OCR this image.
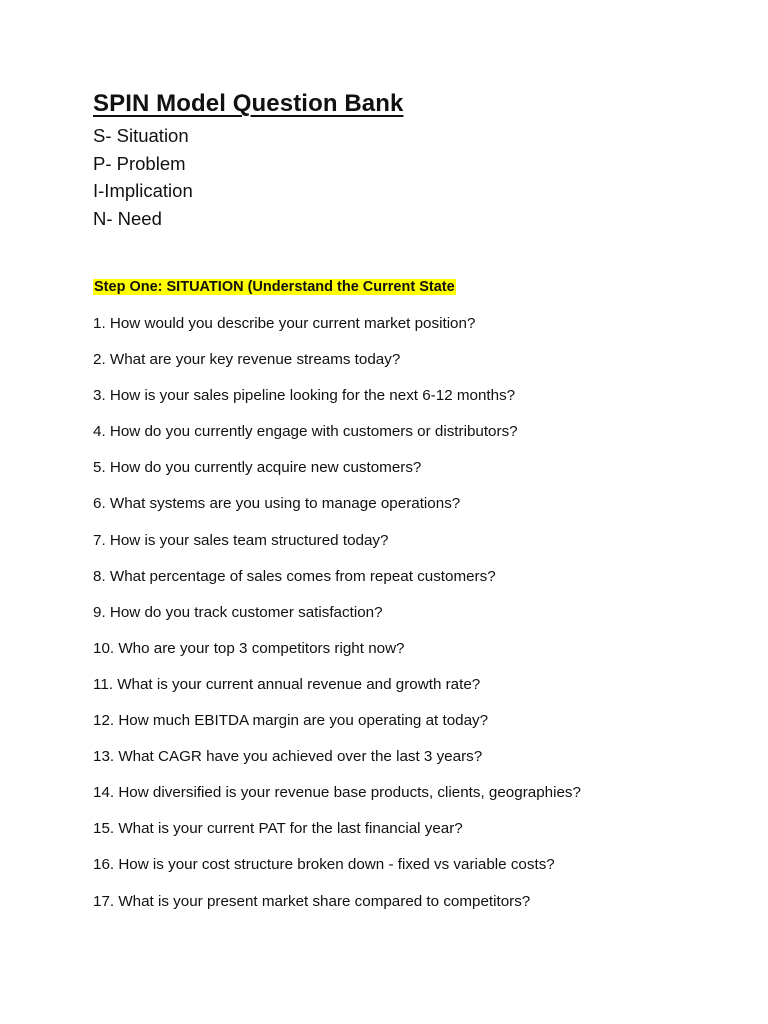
SPIN Model Question Bank
S- Situation
P- Problem
I-Implication
N- Need

Step One: SITUATION (Understand the Current State

1. How would you describe your current market position?
2. What are your key revenue streams today?
3. How is your sales pipeline looking for the next 6-12 months?
4. How do you currently engage with customers or distributors?
5. How do you currently acquire new customers?
6. What systems are you using to manage operations?
7. How is your sales team structured today?
8. What percentage of sales comes from repeat customers?
9. How do you track customer satisfaction?
10. Who are your top 3 competitors right now?
11. What is your current annual revenue and growth rate?
12. How much EBITDA margin are you operating at today?
13. What CAGR have you achieved over the last 3 years?
14. How diversified is your revenue base products, clients, geographies?
15. What is your current PAT for the last financial year?
16. How is your cost structure broken down - fixed vs variable costs?
17. What is your present market share compared to competitors?
